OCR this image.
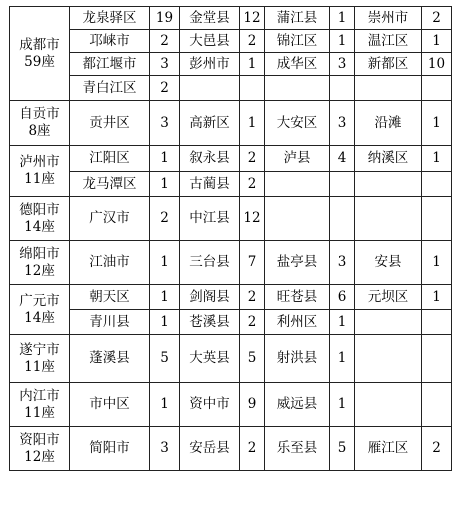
成都市
59座	龙泉驿区	19	金堂县	12	蒲江县	1	崇州市	2
	邛崃市	2	大邑县	2	锦江区	1	温江区	1
	都江堰市	3	彭州市	1	成华区	3	新都区	10
	青白江区	2						

自贡市
8座	贡井区	3	高新区	1	大安区	3	沿滩	1

泸州市
11座	江阳区	1	叙永县	2	泸县	4	纳溪区	1
	龙马潭区	1	古蔺县	2				

德阳市
14座	广汉市	2	中江县	12				

绵阳市
12座	江油市	1	三台县	7	盐亭县	3	安县	1

广元市
14座	朝天区	1	剑阁县	2	旺苍县	6	元坝区	1
	青川县	1	苍溪县	2	利州区	1		

遂宁市
11座	蓬溪县	5	大英县	5	射洪县	1		

内江市
11座	市中区	1	资中市	9	威远县	1		

资阳市
12座	简阳市	3	安岳县	2	乐至县	5	雁江区	2
